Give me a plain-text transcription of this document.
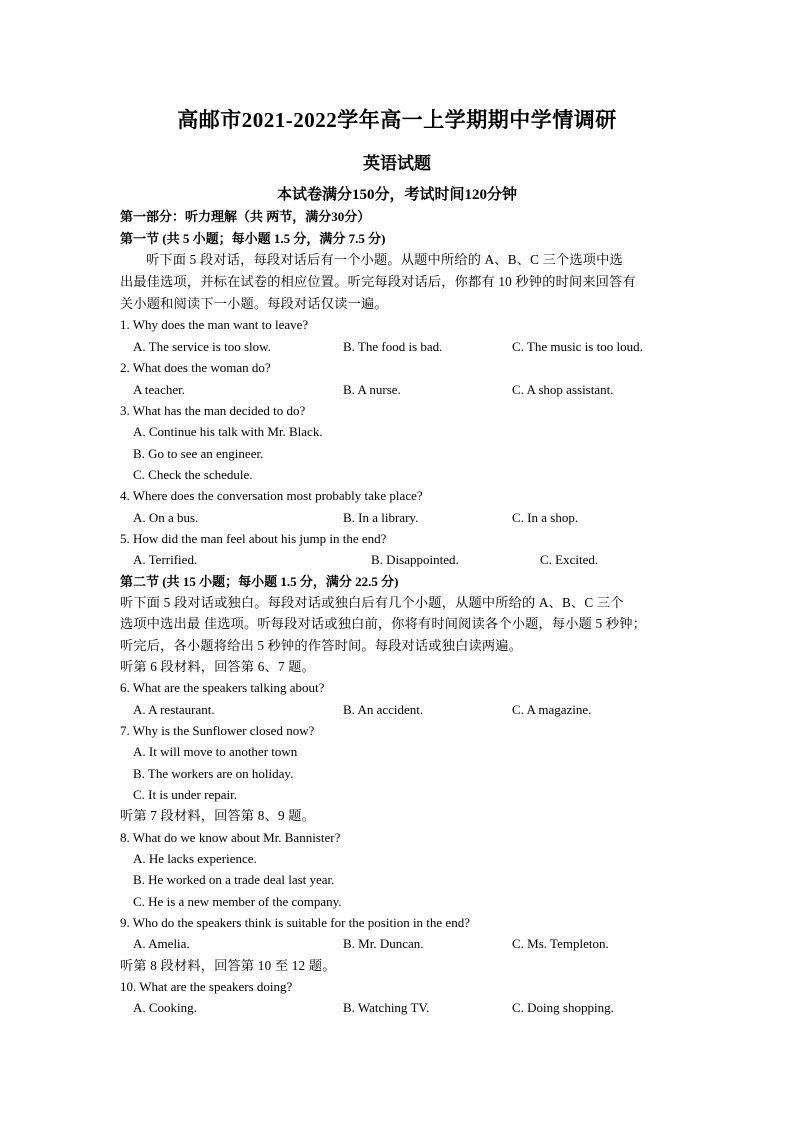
高邮市2021-2022学年高一上学期期中学情调研
英语试题
本试卷满分150分，考试时间120分钟
第一部分：听力理解（共 两节，满分30分）
第一节 (共 5 小题；每小题 1.5 分，满分 7.5 分)
听下面 5 段对话，每段对话后有一个小题。从题中所给的 A、B、C 三个选项中选
出最佳选项，并标在试卷的相应位置。听完每段对话后，你都有 10 秒钟的时间来回答有
关小题和阅读下一小题。每段对话仅读一遍。
1. Why does the man want to leave?
A. The service is too slow.	B. The food is bad.	C. The music is too loud.
2. What does the woman do?
A teacher.	B. A nurse.	C. A shop assistant.
3. What has the man decided to do?
A. Continue his talk with Mr. Black.
B. Go to see an engineer.
C. Check the schedule.
4. Where does the conversation most probably take place?
A. On a bus.	B. In a library.	C. In a shop.
5. How did the man feel about his jump in the end?
A. Terrified.	B. Disappointed.	C. Excited.
第二节 (共 15 小题；每小题 1.5 分，满分 22.5 分)
听下面 5 段对话或独白。每段对话或独白后有几个小题，从题中所给的 A、B、C 三个
选项中选出最 佳选项。听每段对话或独白前，你将有时间阅读各个小题，每小题 5 秒钟；
听完后，各小题将给出 5 秒钟的作答时间。每段对话或独白读两遍。
听第 6 段材料，回答第 6、7 题。
6. What are the speakers talking about?
A. A restaurant.	B. An accident.	C. A magazine.
7. Why is the Sunflower closed now?
A. It will move to another town
B. The workers are on holiday.
C. It is under repair.
听第 7 段材料，回答第 8、9 题。
8. What do we know about Mr. Bannister?
A. He lacks experience.
B. He worked on a trade deal last year.
C. He is a new member of the company.
9. Who do the speakers think is suitable for the position in the end?
A. Amelia.	B. Mr. Duncan.	C. Ms. Templeton.
听第 8 段材料，回答第 10 至 12 题。
10. What are the speakers doing?
A. Cooking.	B. Watching TV.	C. Doing shopping.
